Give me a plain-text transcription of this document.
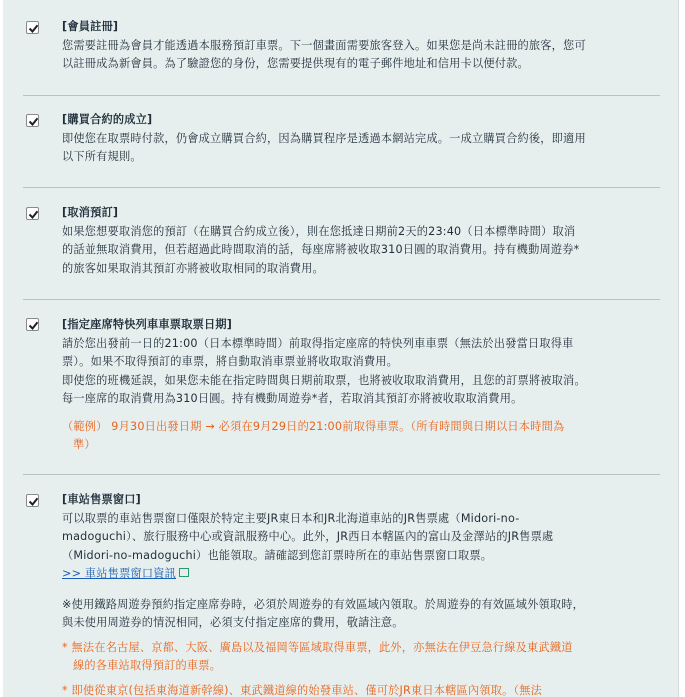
[會員註冊]

您需要註冊為會員才能透過本服務預訂車票。下一個畫面需要旅客登入。如果您是尚未註冊的旅客，您可

以註冊成為新會員。為了驗證您的身份，您需要提供現有的電子郵件地址和信用卡以便付款。

[購買合約的成立]

即使您在取票時付款，仍會成立購買合約，因為購買程序是透過本網站完成。一成立購買合約後，即適用

以下所有規則。

[取消預訂]

如果您想要取消您的預訂（在購買合約成立後），則在您抵達日期前2天的23:40（日本標準時間）取消

的話並無取消費用，但若超過此時間取消的話，每座席將被收取310日圓的取消費用。持有機動周遊券*

的旅客如果取消其預訂亦將被收取相同的取消費用。

[指定座席特快列車車票取票日期]

請於您出發前一日的21:00（日本標準時間）前取得指定座席的特快列車車票（無法於出發當日取得車

票）。如果不取得預訂的車票，將自動取消車票並將收取取消費用。

即使您的班機延誤，如果您未能在指定時間與日期前取票，也將被收取取消費用，且您的訂票將被取消。

每一座席的取消費用為310日圓。持有機動周遊券*者，若取消其預訂亦將被收取取消費用。

（範例） 9月30日出發日期 → 必須在9月29日的21:00前取得車票。（所有時間與日期以日本時間為

準）

[車站售票窗口]

可以取票的車站售票窗口僅限於特定主要JR東日本和JR北海道車站的JR售票處（Midori-no-

madoguchi）、旅行服務中心或資訊服務中心。此外，JR西日本轄區內的富山及金澤站的JR售票處

（Midori-no-madoguchi）也能領取。請確認到您訂票時所在的車站售票窗口取票。

>> 車站售票窗口資訊

※使用鐵路周遊券預約指定座席券時，必須於周遊券的有效區域內領取。於周遊券的有效區域外領取時，

與未使用周遊券的情況相同，必須支付指定座席的費用，敬請注意。

* 無法在名古屋、京都、大阪、廣島以及福岡等區域取得車票，此外，亦無法在伊豆急行線及東武鐵道

線的各車站取得預訂的車票。

* 即使從東京(包括東海道新幹線)、東武鐵道線的始發車站、僅可於JR東日本轄區內領取。（無法
